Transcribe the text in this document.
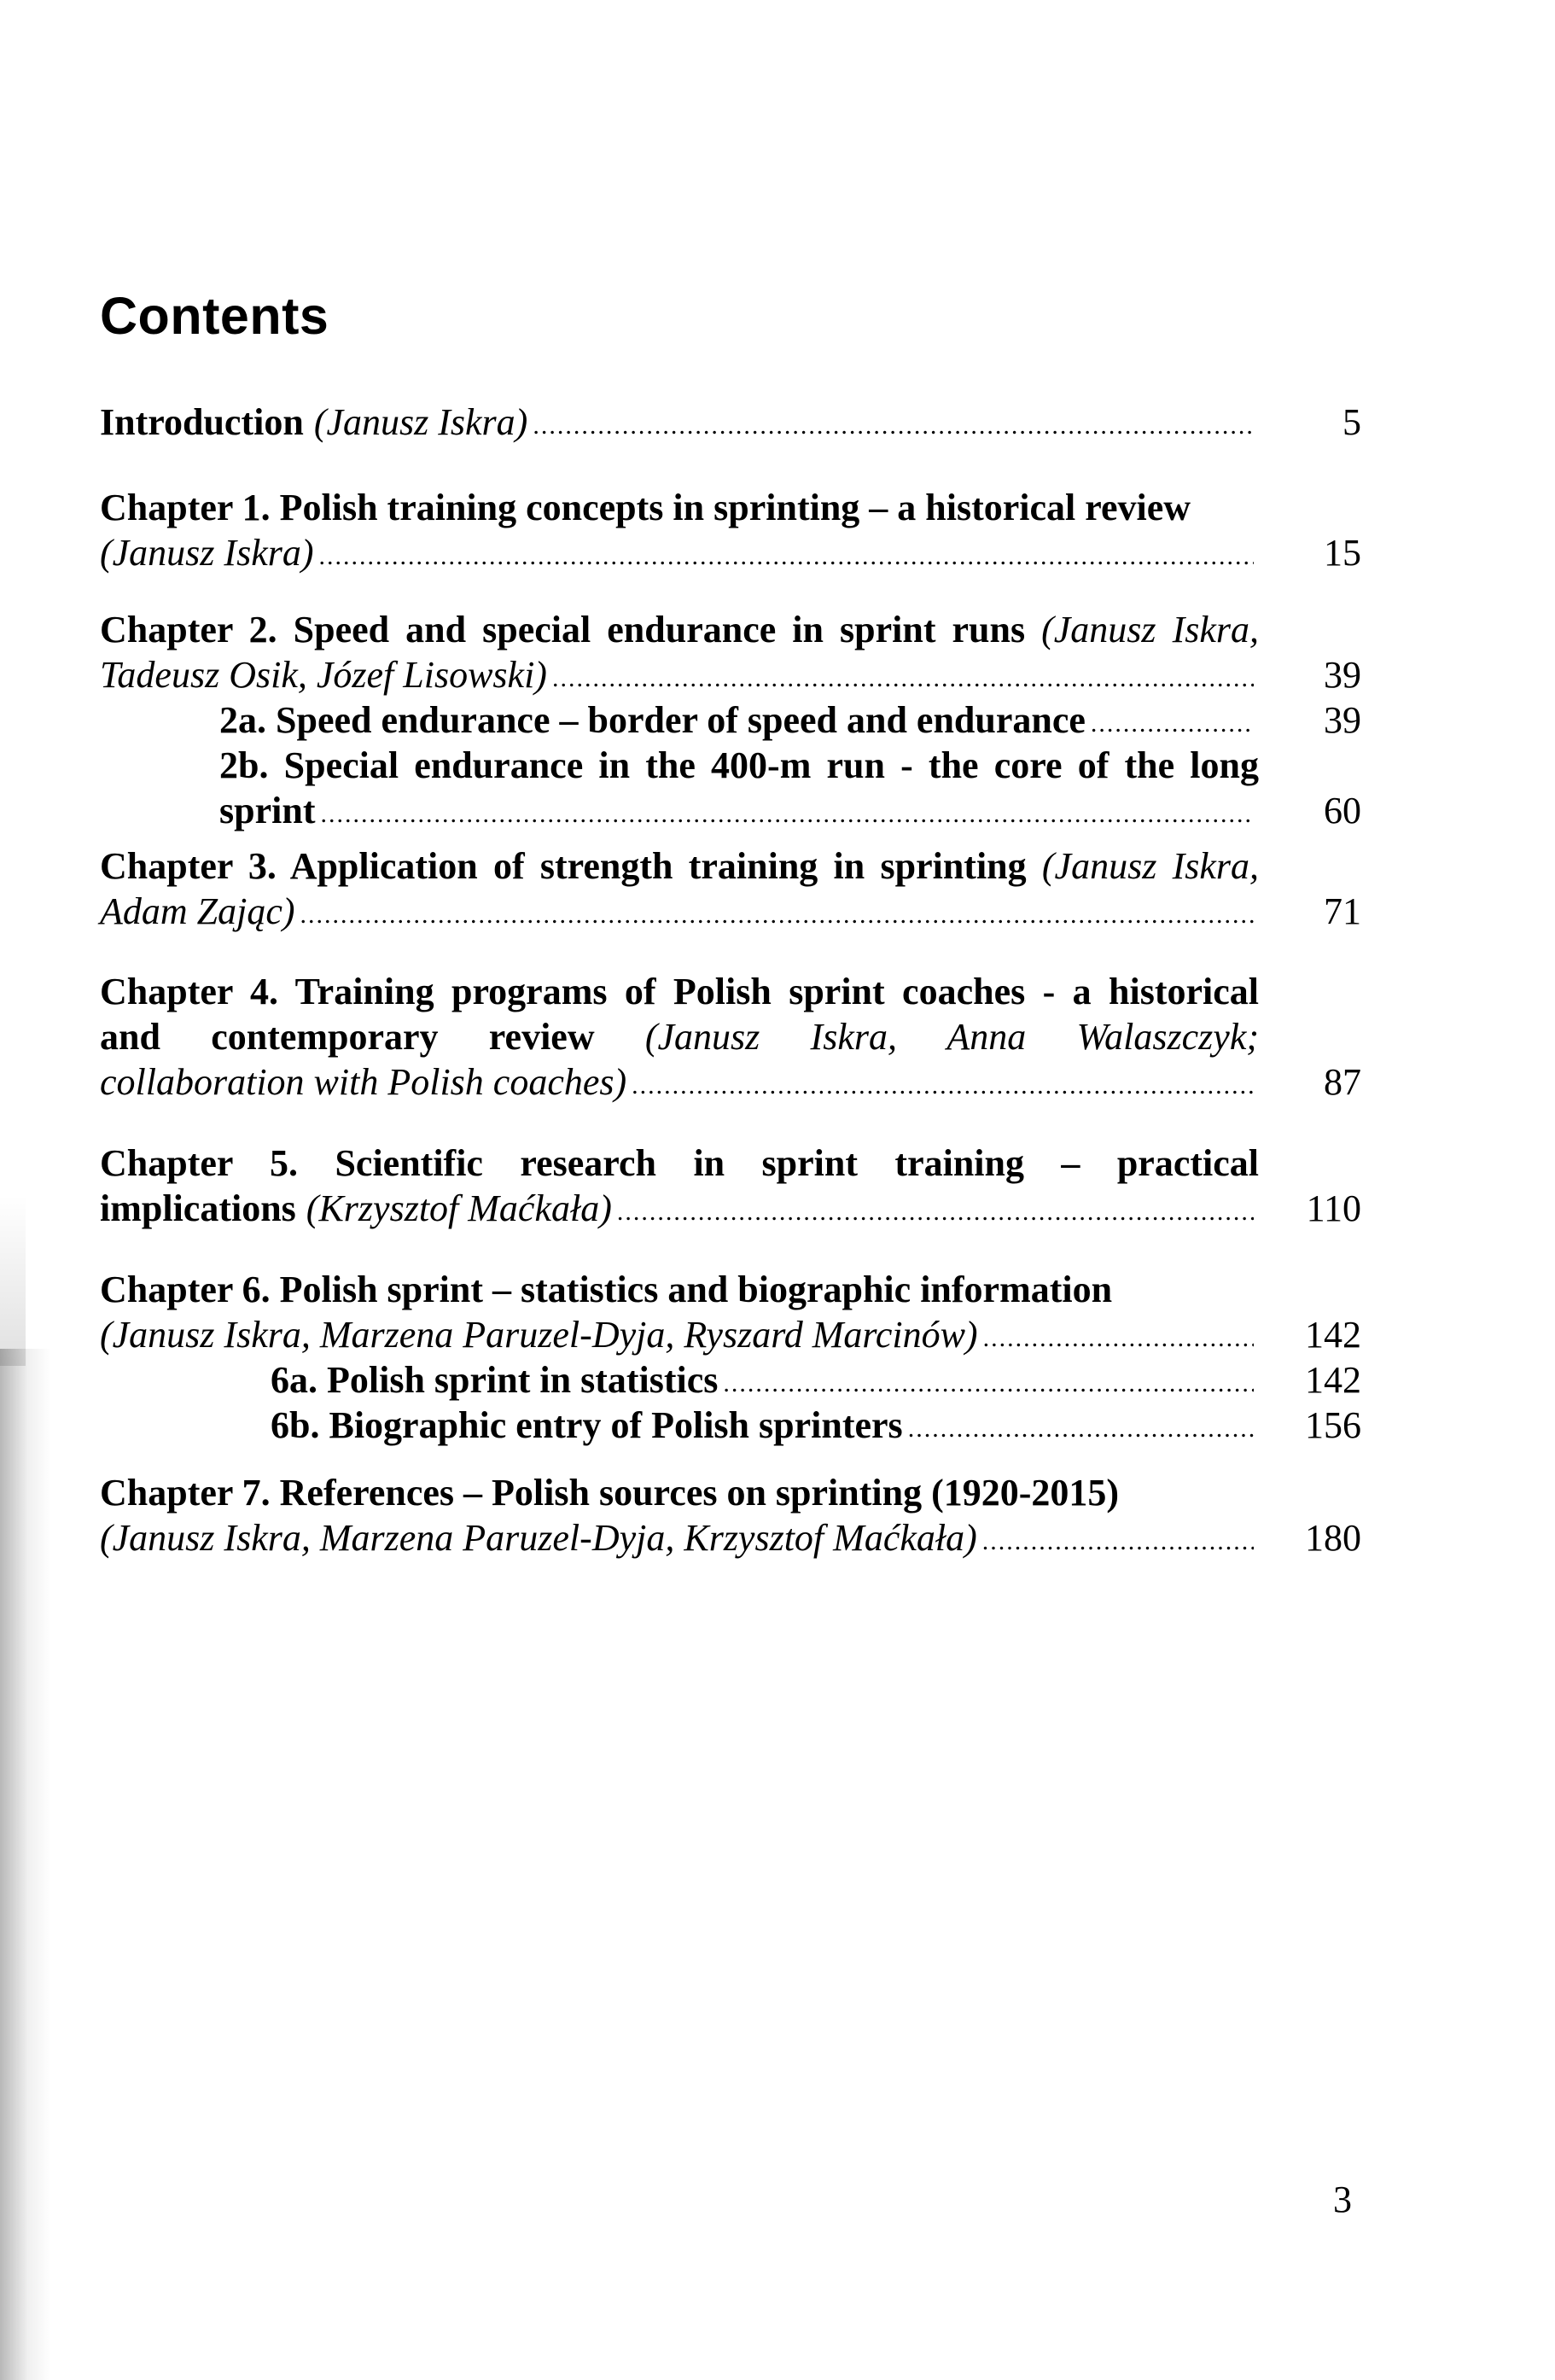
Contents
Introduction (Janusz Iskra) .....	5
Chapter 1. Polish training concepts in sprinting – a historical review
(Janusz Iskra) .....	15
Chapter 2. Speed and special endurance in sprint runs (Janusz Iskra,
Tadeusz Osik, Józef Lisowski) .....	39
2a. Speed endurance – border of speed and endurance .....	39
2b. Special endurance in the 400-m run - the core of the long
sprint .....	60
Chapter 3. Application of strength training in sprinting (Janusz Iskra,
Adam Zając) .....	71
Chapter 4. Training programs of Polish sprint coaches - a historical
and contemporary review (Janusz Iskra, Anna Walaszczyk;
collaboration with Polish coaches) .....	87
Chapter 5. Scientific research in sprint training – practical
implications (Krzysztof Maćkała) .....	110
Chapter 6. Polish sprint – statistics and biographic information
(Janusz Iskra, Marzena Paruzel-Dyja, Ryszard Marcinów) .....	142
6a. Polish sprint in statistics .....	142
6b. Biographic entry of Polish sprinters .....	156
Chapter 7. References – Polish sources on sprinting (1920-2015)
(Janusz Iskra, Marzena Paruzel-Dyja, Krzysztof Maćkała) .....	180
3
